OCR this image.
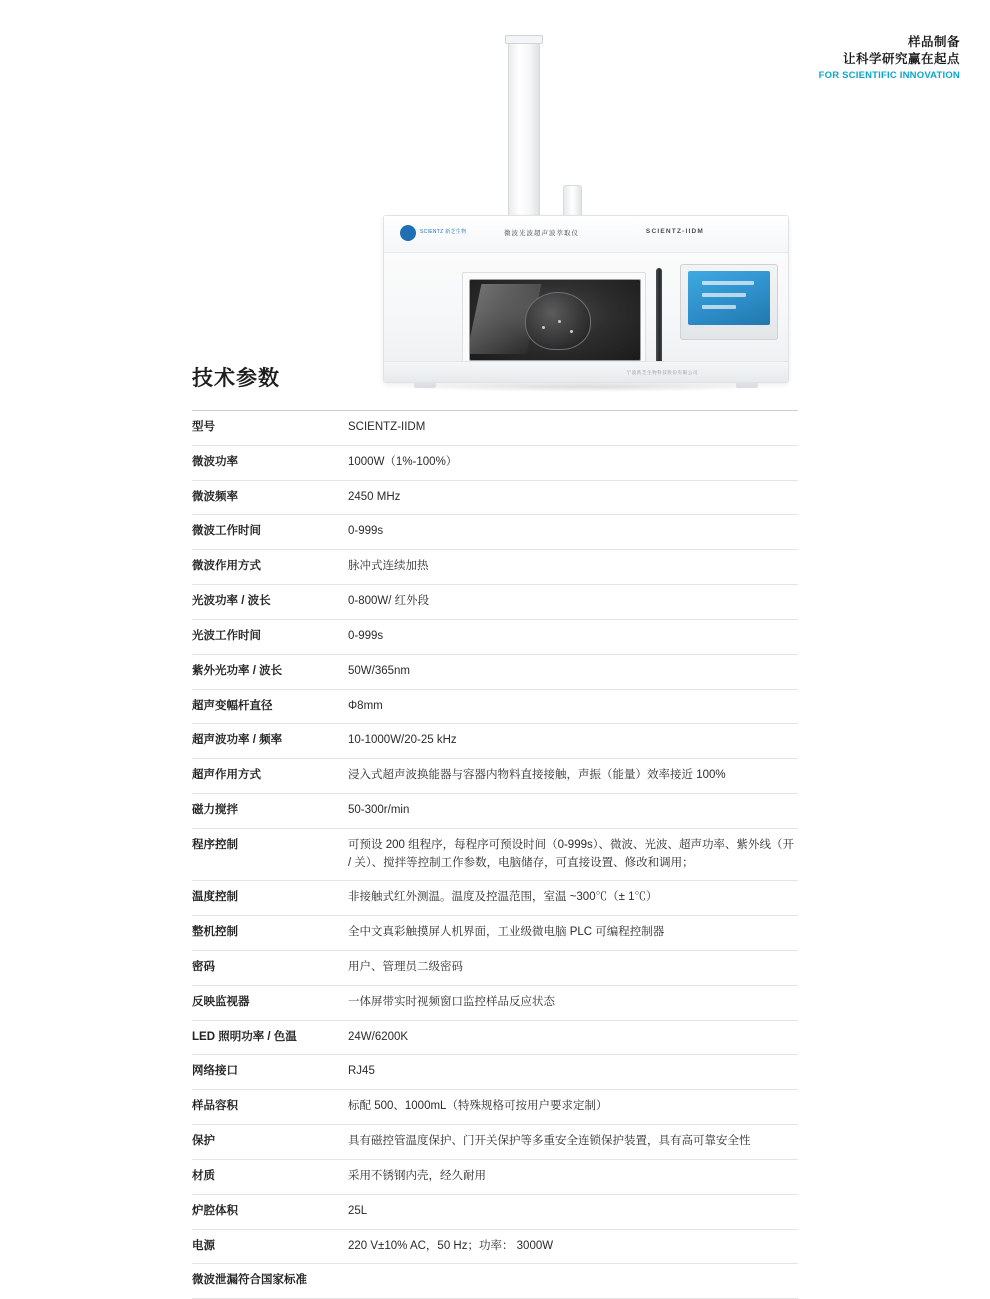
样品制备
让科学研究赢在起点
FOR SCIENTIFIC INNOVATION
SCIENTZ 新芝生物	微波光波超声波萃取仪	SCIENTZ-IIDM
宁波新芝生物科技股份有限公司
技术参数
型号	SCIENTZ-IIDM
微波功率	1000W（1%-100%）
微波频率	2450 MHz
微波工作时间	0-999s
微波作用方式	脉冲式连续加热
光波功率 / 波长	0-800W/ 红外段
光波工作时间	0-999s
紫外光功率 / 波长	50W/365nm
超声变幅杆直径	Φ8mm
超声波功率 / 频率	10-1000W/20-25 kHz
超声作用方式	浸入式超声波换能器与容器内物料直接接触，声振（能量）效率接近 100%
磁力搅拌	50-300r/min
程序控制	可预设 200 组程序，每程序可预设时间（0-999s）、微波、光波、超声功率、紫外线（开 / 关）、搅拌等控制工作参数，电脑储存，可直接设置、修改和调用；
温度控制	非接触式红外测温。温度及控温范围，室温 ~300℃（± 1℃）
整机控制	全中文真彩触摸屏人机界面，工业级微电脑 PLC 可编程控制器
密码	用户、管理员二级密码
反映监视器	一体屏带实时视频窗口监控样品反应状态
LED 照明功率 / 色温	24W/6200K
网络接口	RJ45
样品容积	标配 500、1000mL（特殊规格可按用户要求定制）
保护	具有磁控管温度保护、门开关保护等多重安全连锁保护装置，具有高可靠安全性
材质	采用不锈钢内壳，经久耐用
炉腔体积	25L
电源	220 V±10% AC，50 Hz；功率： 3000W
微波泄漏符合国家标准	
